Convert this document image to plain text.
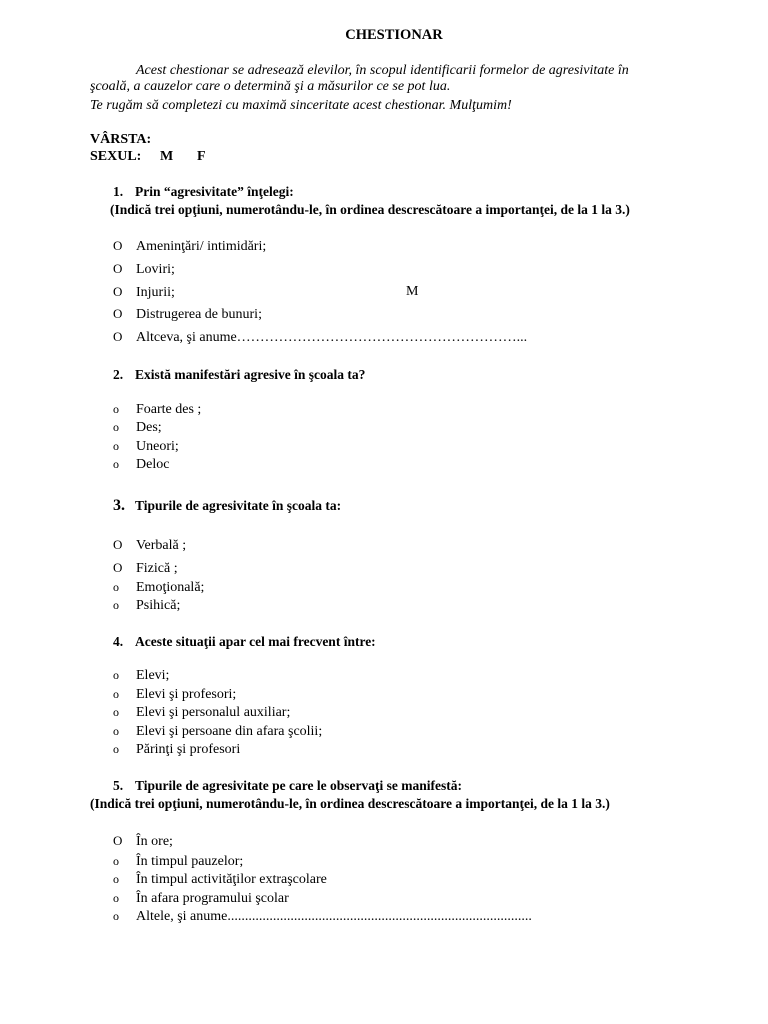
CHESTIONAR
Acest chestionar se adresează elevilor, în scopul identificarii formelor de agresivitate în
şcoală, a cauzelor care o determină şi a măsurilor ce se pot lua.
Te rugăm să completezi cu maximă sinceritate acest chestionar. Mulţumim!
VÂRSTA:
SEXUL: M F
1. Prin “agresivitate” înţelegi:
(Indică trei opţiuni, numerotându-le, în ordinea descrescătoare a importanţei, de la 1 la 3.)
O Ameninţări/ intimidări;
O Loviri;
O Injurii;	M
O Distrugerea de bunuri;
O Altceva, şi anume……………………………………………………...
2. Există manifestări agresive în şcoala ta?
o Foarte des ;
o Des;
o Uneori;
o Deloc
3. Tipurile de agresivitate în şcoala ta:
O Verbală ;
O Fizică ;
o Emoţională;
o Psihică;
4. Aceste situaţii apar cel mai frecvent între:
o Elevi;
o Elevi şi profesori;
o Elevi şi personalul auxiliar;
o Elevi şi persoane din afara şcolii;
o Părinţi şi profesori
5. Tipurile de agresivitate pe care le observaţi se manifestă:
(Indică trei opţiuni, numerotându-le, în ordinea descrescătoare a importanţei, de la 1 la 3.)
O În ore;
o În timpul pauzelor;
o În timpul activităţilor extraşcolare
o În afara programului şcolar
o Altele, şi anume.......................................................................................
